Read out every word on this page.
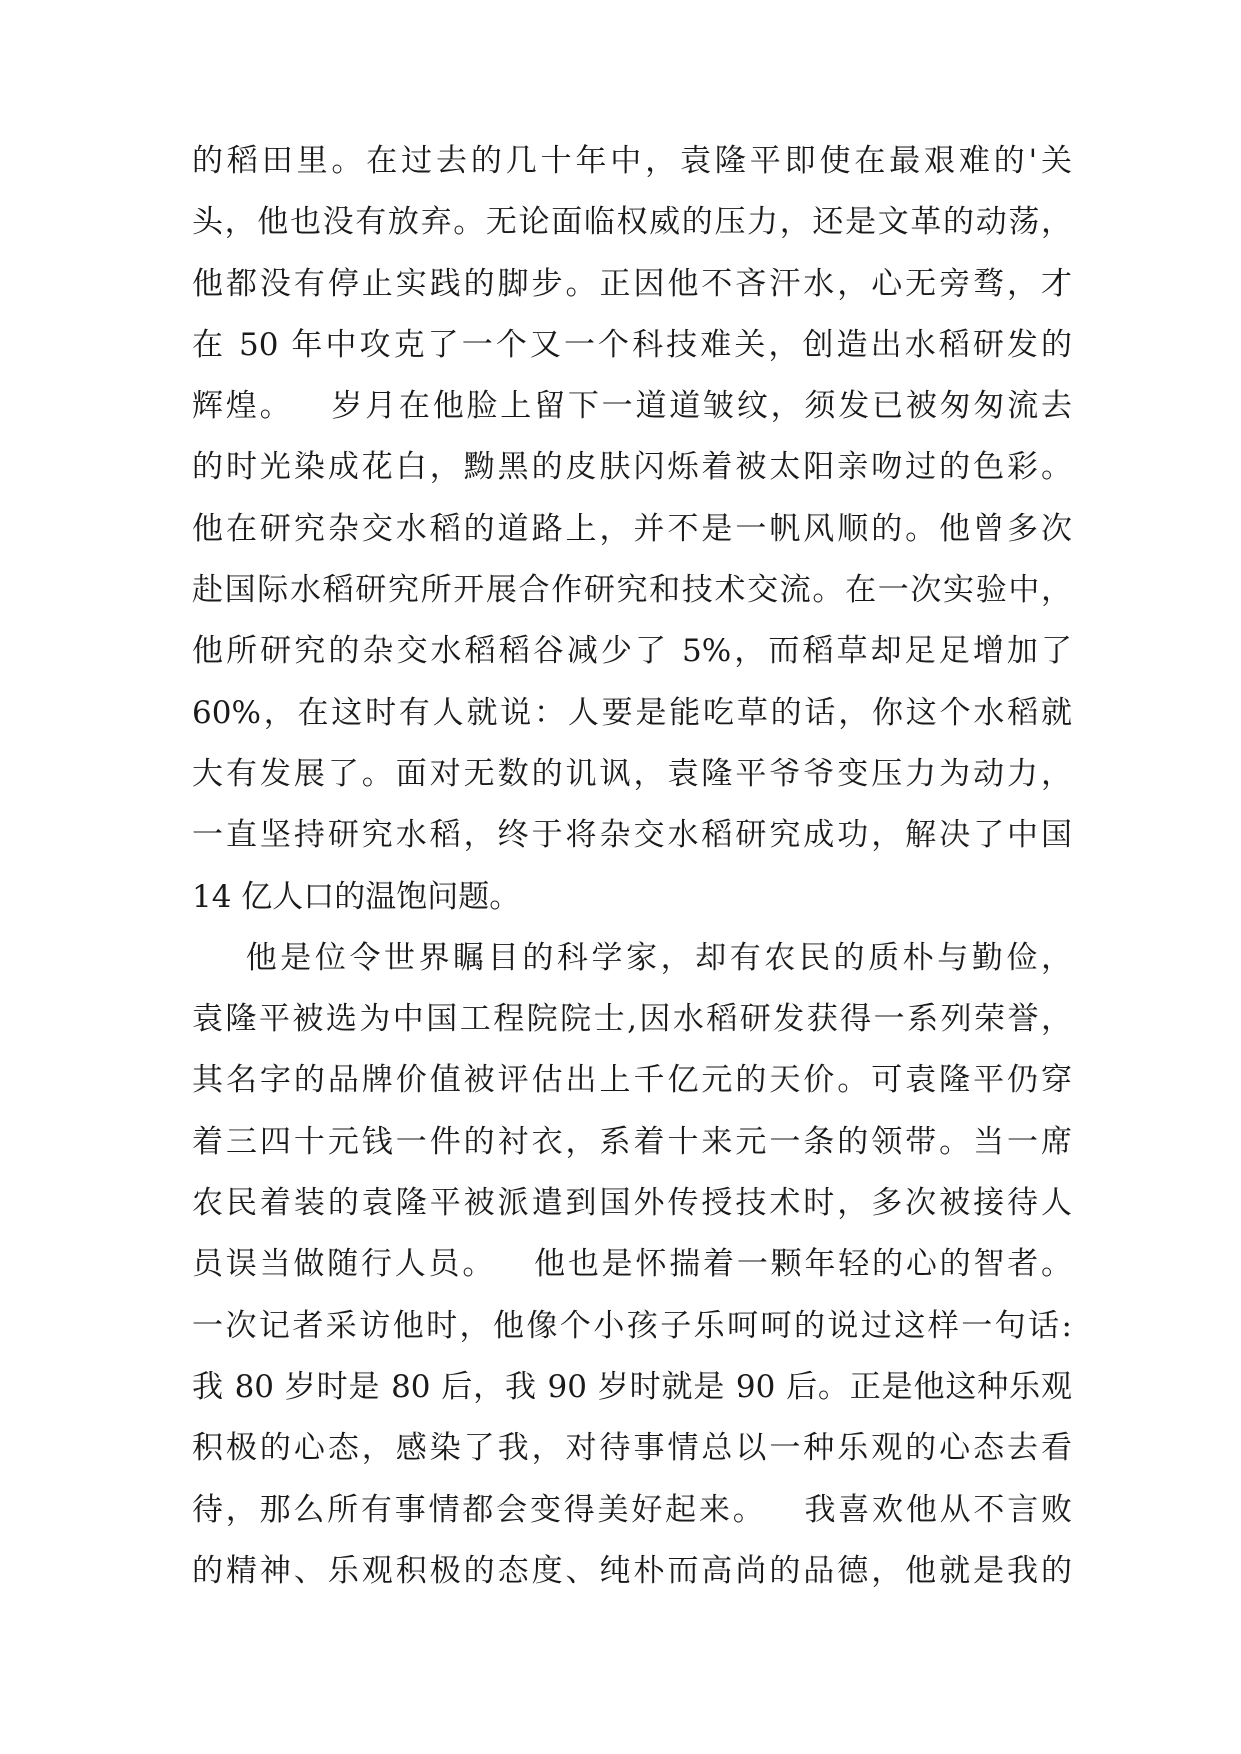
的稻田里。在过去的几十年中，袁隆平即使在最艰难的'关
头，他也没有放弃。无论面临权威的压力，还是文革的动荡，
他都没有停止实践的脚步。正因他不吝汗水，心无旁骛，才
在 50 年中攻克了一个又一个科技难关，创造出水稻研发的
辉煌。   岁月在他脸上留下一道道皱纹，须发已被匆匆流去
的时光染成花白，黝黑的皮肤闪烁着被太阳亲吻过的色彩。
他在研究杂交水稻的道路上，并不是一帆风顺的。他曾多次
赴国际水稻研究所开展合作研究和技术交流。在一次实验中，
他所研究的杂交水稻稻谷减少了 5%，而稻草却足足增加了
60%，在这时有人就说：人要是能吃草的话，你这个水稻就
大有发展了。面对无数的讥讽，袁隆平爷爷变压力为动力，
一直坚持研究水稻，终于将杂交水稻研究成功，解决了中国
14 亿人口的温饱问题。
他是位令世界瞩目的科学家，却有农民的质朴与勤俭，
袁隆平被选为中国工程院院士,因水稻研发获得一系列荣誉，
其名字的品牌价值被评估出上千亿元的天价。可袁隆平仍穿
着三四十元钱一件的衬衣，系着十来元一条的领带。当一席
农民着装的袁隆平被派遣到国外传授技术时，多次被接待人
员误当做随行人员。   他也是怀揣着一颗年轻的心的智者。
一次记者采访他时，他像个小孩子乐呵呵的说过这样一句话:
我 80 岁时是 80 后，我 90 岁时就是 90 后。正是他这种乐观
积极的心态，感染了我，对待事情总以一种乐观的心态去看
待，那么所有事情都会变得美好起来。   我喜欢他从不言败
的精神、乐观积极的态度、纯朴而高尚的品德，他就是我的
